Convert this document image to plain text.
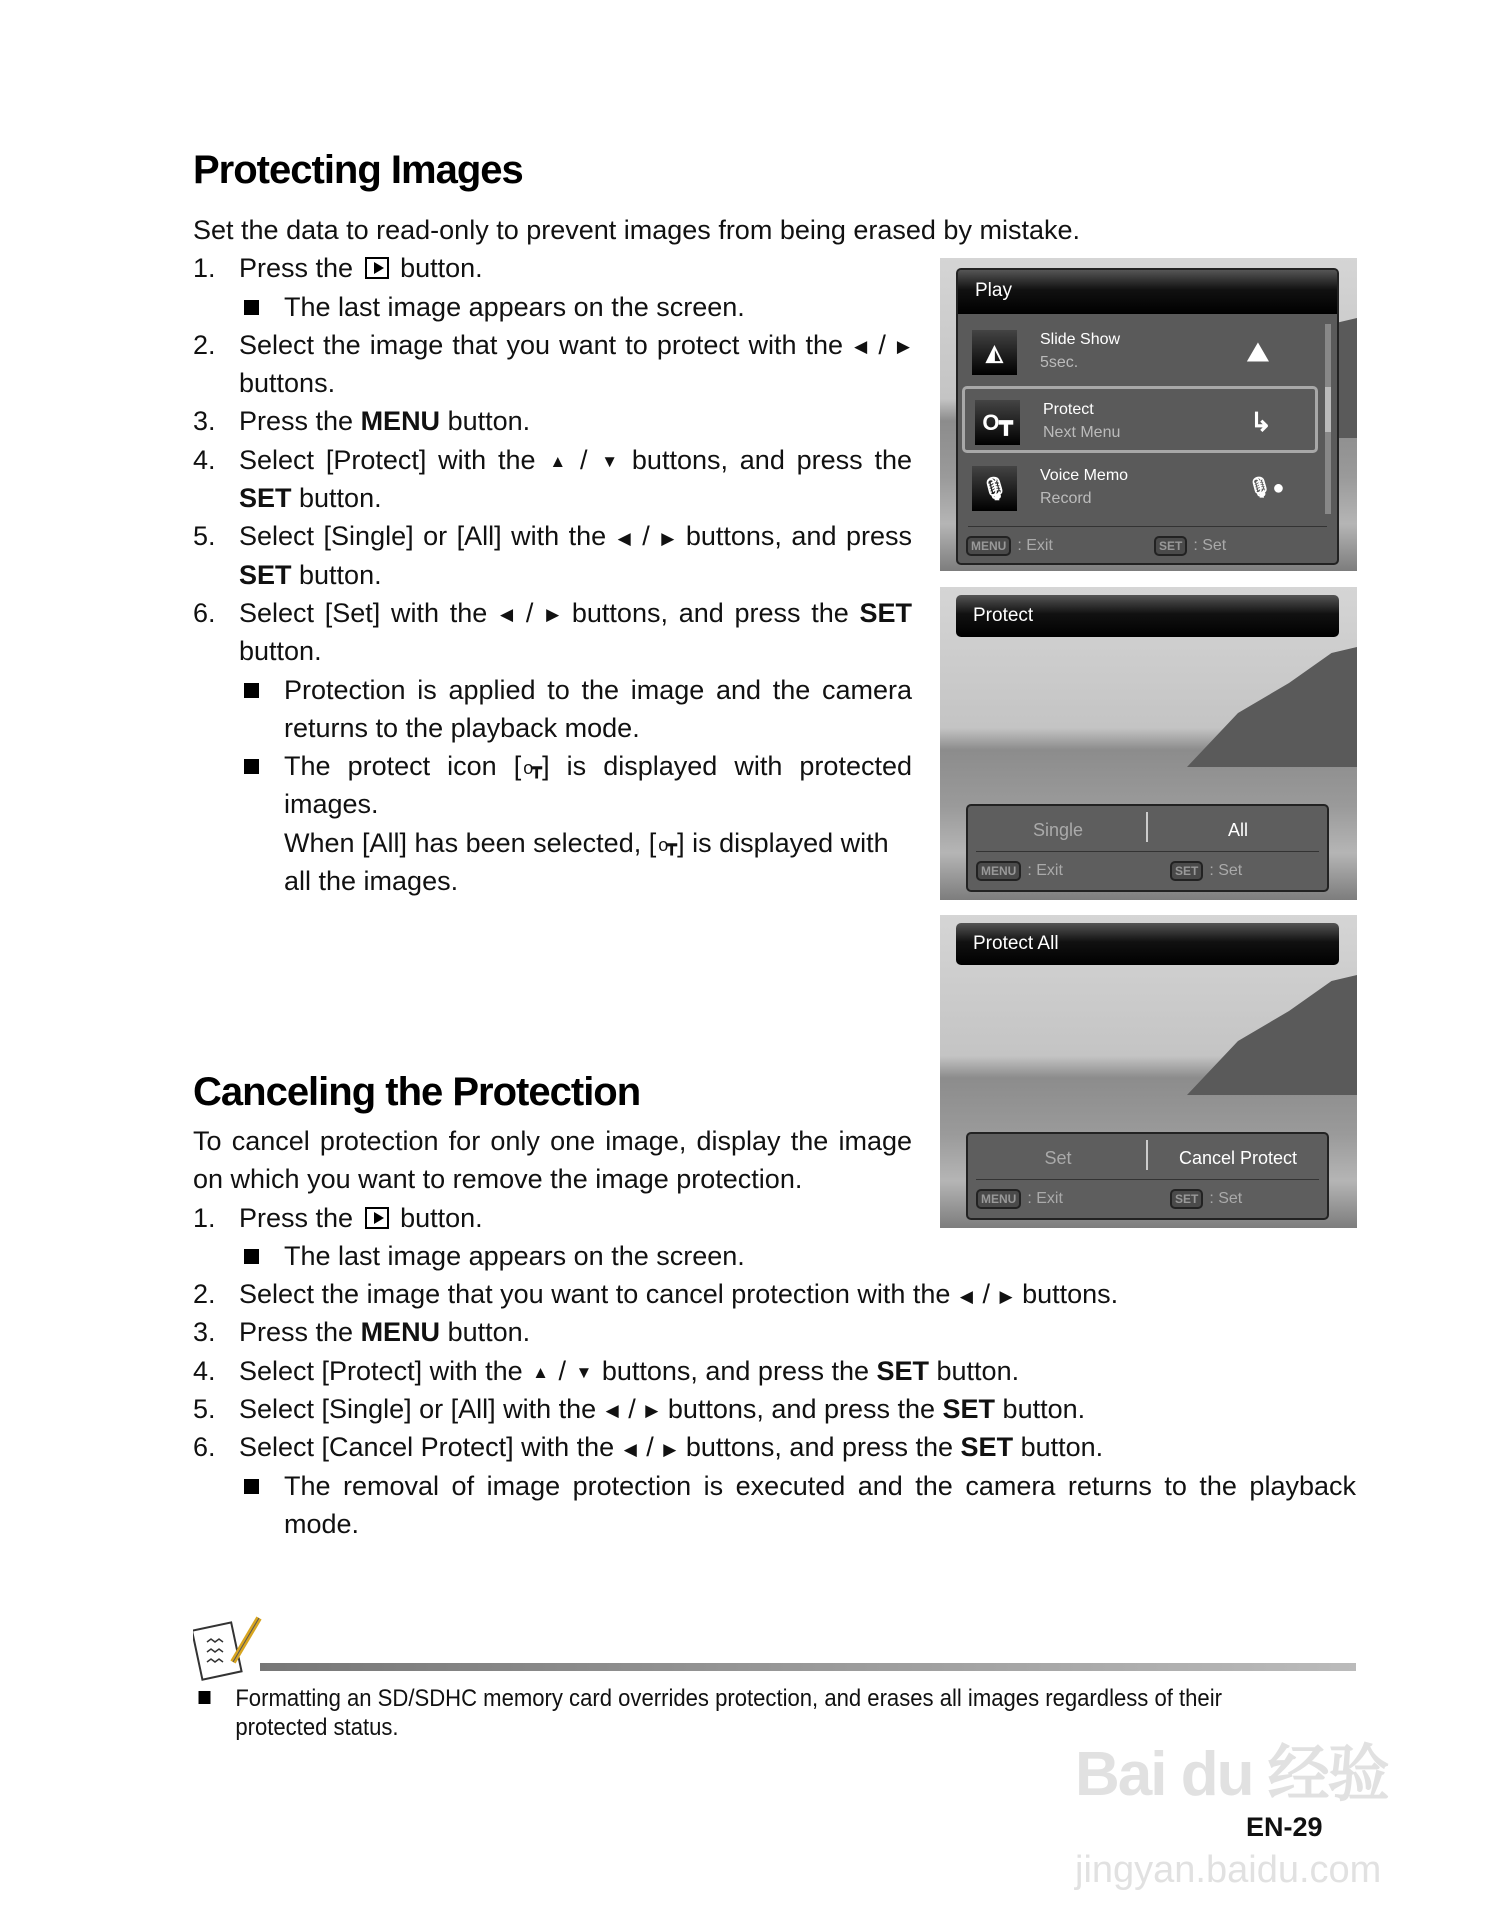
Protecting Images
Set the data to read-only to prevent images from being erased by mistake.
1. Press the  button.
The last image appears on the screen.
2. Select the image that you want to protect with the ◀ / ▶ buttons.
3. Press the MENU button.
4. Select [Protect] with the ▲ / ▼ buttons, and press the SET button.
5. Select [Single] or [All] with the ◀ / ▶ buttons, and press SET button.
6. Select [Set] with the ◀ / ▶ buttons, and press the SET button.
Protection is applied to the image and the camera returns to the playback mode.
The protect icon [ o┳] is displayed with protected images.
When [All] has been selected, [ o┳] is displayed with all the images.
Canceling the Protection
To cancel protection for only one image, display the image on which you want to remove the image protection.
1. Press the  button.
The last image appears on the screen.
2. Select the image that you want to cancel protection with the ◀ / ▶ buttons.
3. Press the MENU button.
4. Select [Protect] with the ▲ / ▼ buttons, and press the SET button.
5. Select [Single] or [All] with the ◀ / ▶ buttons, and press the SET button.
6. Select [Cancel Protect] with the ◀ / ▶ buttons, and press the SET button.
The removal of image protection is executed and the camera returns to the playback mode.
Play
◭
Slide Show
5sec.	⛰
O┳
Protect
Next Menu	↳
🎙
Voice Memo
Record	🎙●
MENU : Exit	SET : Set
Protect
Single	All
MENU : Exit	SET : Set
Protect All
Set	Cancel Protect
MENU : Exit	SET : Set
Formatting an SD/SDHC memory card overrides protection, and erases all images regardless of their protected status.
Bai du 经验
EN-29
jingyan.baidu.com
